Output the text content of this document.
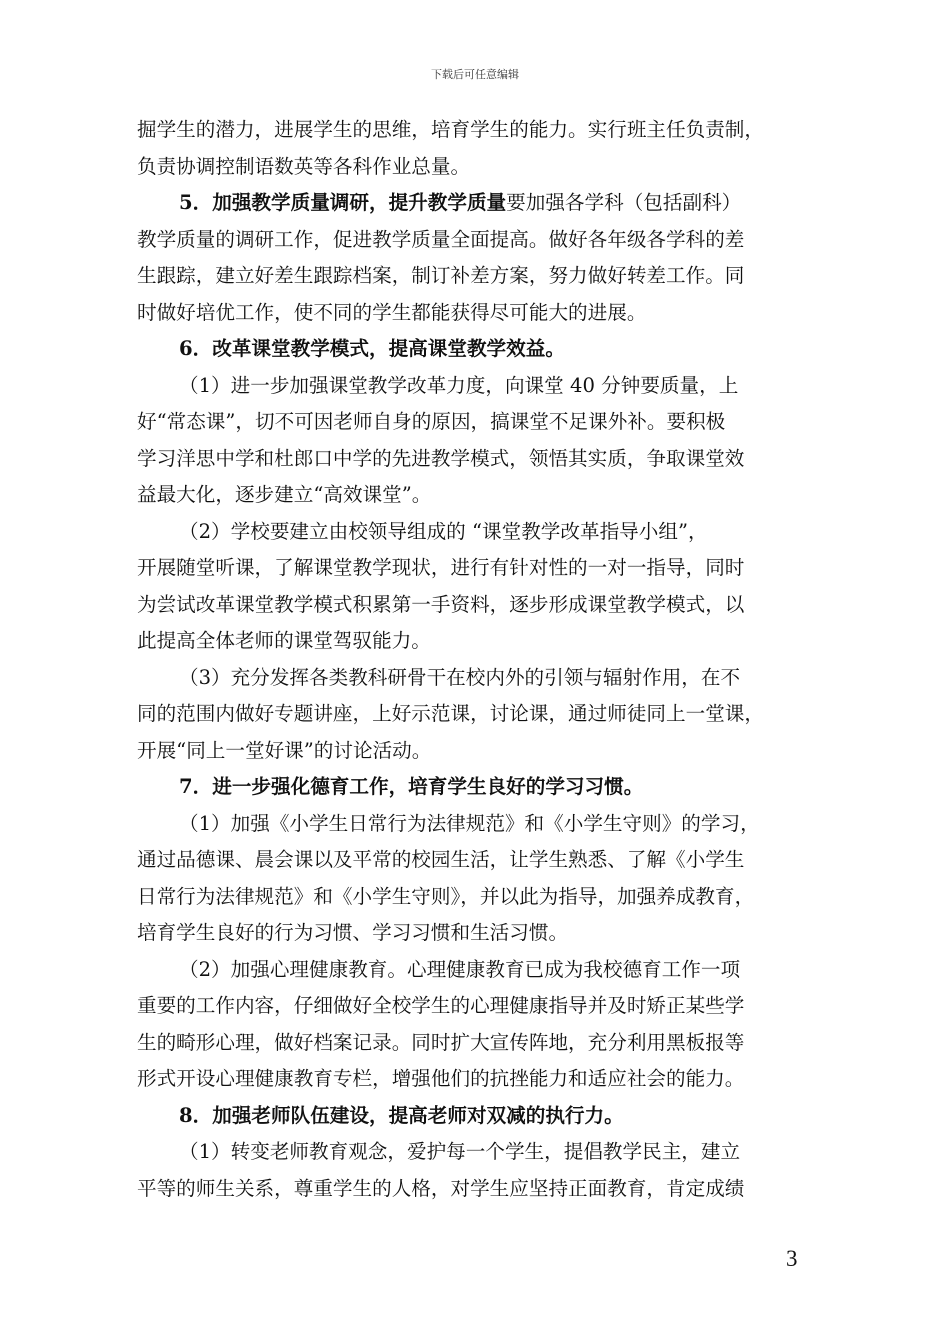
下载后可任意编辑
掘学生的潜力，进展学生的思维，培育学生的能力。实行班主任负责制，
负责协调控制语数英等各科作业总量。
5．加强教学质量调研，提升教学质量要加强各学科（包括副科）
教学质量的调研工作，促进教学质量全面提高。做好各年级各学科的差
生跟踪，建立好差生跟踪档案，制订补差方案，努力做好转差工作。同
时做好培优工作，使不同的学生都能获得尽可能大的进展。
6．改革课堂教学模式，提高课堂教学效益。
（1）进一步加强课堂教学改革力度，向课堂 40 分钟要质量，上
好“常态课”，切不可因老师自身的原因，搞课堂不足课外补。要积极
学习洋思中学和杜郎口中学的先进教学模式，领悟其实质，争取课堂效
益最大化，逐步建立“高效课堂”。
（2）学校要建立由校领导组成的 “课堂教学改革指导小组”，
开展随堂听课，了解课堂教学现状，进行有针对性的一对一指导，同时
为尝试改革课堂教学模式积累第一手资料，逐步形成课堂教学模式，以
此提高全体老师的课堂驾驭能力。
（3）充分发挥各类教科研骨干在校内外的引领与辐射作用，在不
同的范围内做好专题讲座，上好示范课，讨论课，通过师徒同上一堂课，
开展“同上一堂好课”的讨论活动。
7．进一步强化德育工作，培育学生良好的学习习惯。
（1）加强《小学生日常行为法律规范》和《小学生守则》的学习，
通过品德课、晨会课以及平常的校园生活，让学生熟悉、了解《小学生
日常行为法律规范》和《小学生守则》，并以此为指导，加强养成教育，
培育学生良好的行为习惯、学习习惯和生活习惯。
（2）加强心理健康教育。心理健康教育已成为我校德育工作一项
重要的工作内容，仔细做好全校学生的心理健康指导并及时矫正某些学
生的畸形心理，做好档案记录。同时扩大宣传阵地，充分利用黑板报等
形式开设心理健康教育专栏，增强他们的抗挫能力和适应社会的能力。
8．加强老师队伍建设，提高老师对双减的执行力。
（1）转变老师教育观念，爱护每一个学生，提倡教学民主，建立
平等的师生关系，尊重学生的人格，对学生应坚持正面教育，肯定成绩
3
